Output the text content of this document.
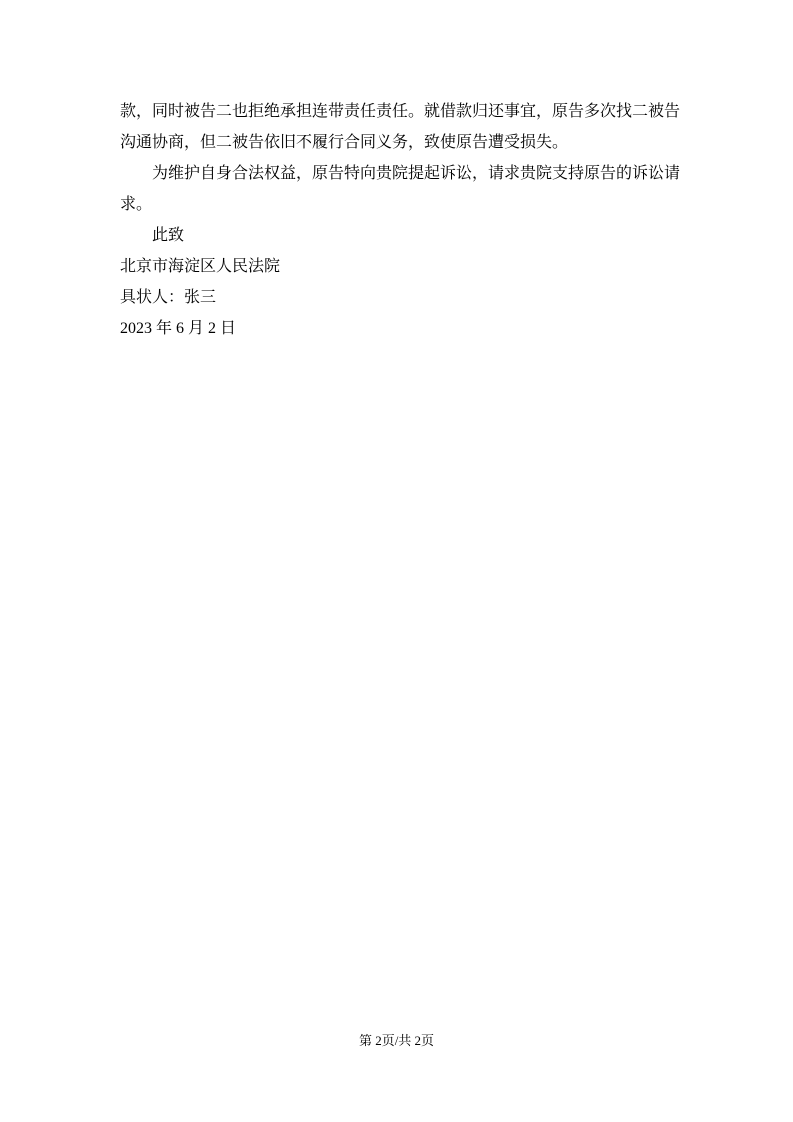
款，同时被告二也拒绝承担连带责任责任。就借款归还事宜，原告多次找二被告沟通协商，但二被告依旧不履行合同义务，致使原告遭受损失。

为维护自身合法权益，原告特向贵院提起诉讼，请求贵院支持原告的诉讼请求。

此致

北京市海淀区人民法院

具状人：张三

2023 年 6 月 2 日

第 2页/共 2页
